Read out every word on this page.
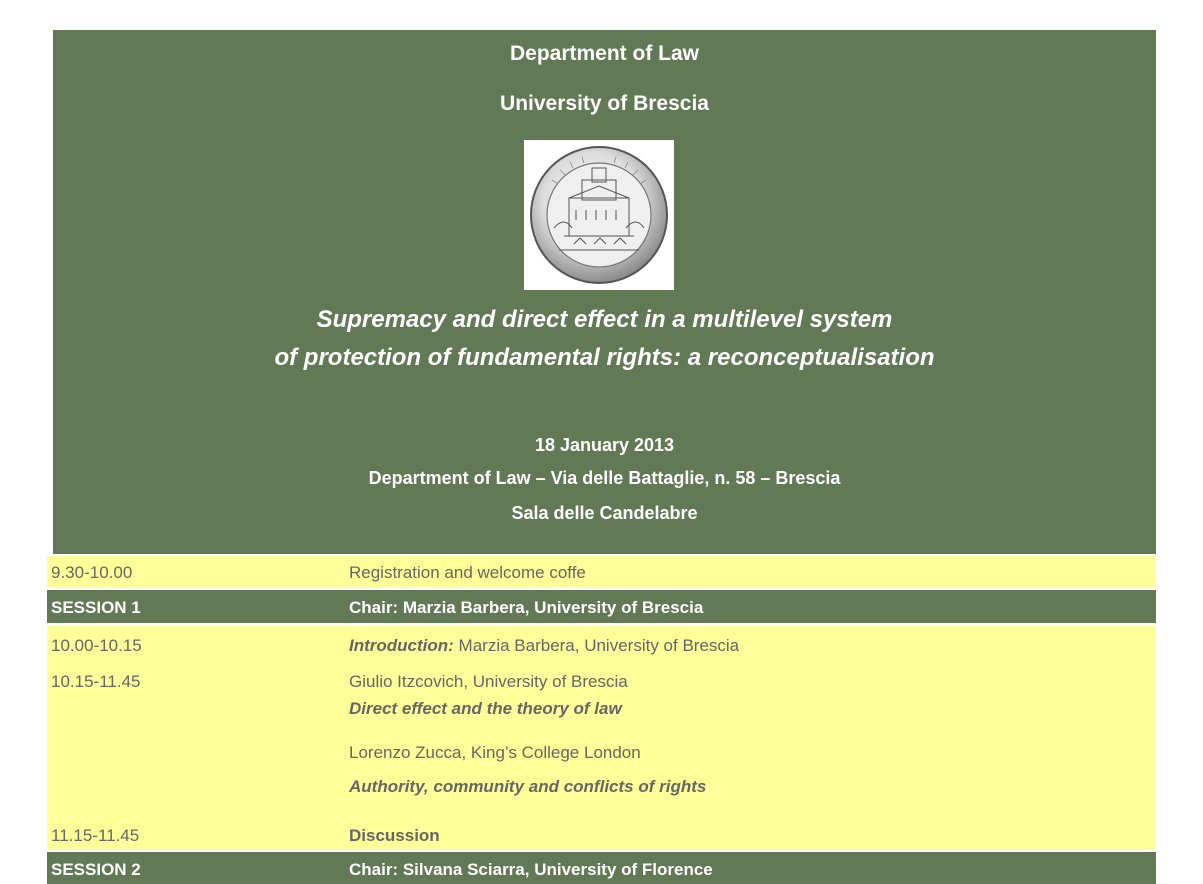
Department of Law
University of Brescia
Supremacy and direct effect in a multilevel system
of protection of fundamental rights: a reconceptualisation
18 January 2013
Department of Law – Via delle Battaglie, n. 58 – Brescia
Sala delle Candelabre
9.30-10.00	Registration and welcome coffe
SESSION 1	Chair: Marzia Barbera, University of Brescia
10.00-10.15	Introduction: Marzia Barbera, University of Brescia
10.15-11.45	Giulio Itzcovich, University of Brescia
Direct effect and the theory of law
Lorenzo Zucca, King’s College London
Authority, community and conflicts of rights
11.15-11.45	Discussion
SESSION 2	Chair: Silvana Sciarra, University of Florence
